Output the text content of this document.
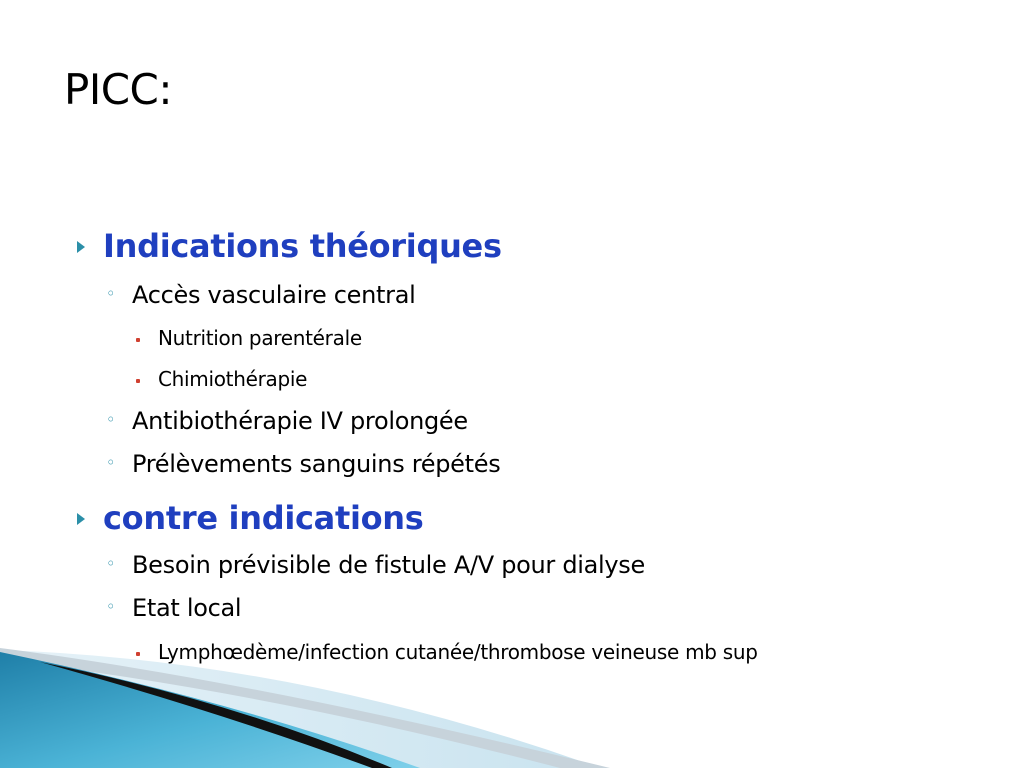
PICC:
Indications théoriques
◦ Accès vasculaire central
Nutrition parentérale
Chimiothérapie
◦ Antibiothérapie IV prolongée
◦ Prélèvements sanguins répétés
contre indications
◦ Besoin prévisible de fistule A/V pour dialyse
◦ Etat local
Lymphœdème/infection cutanée/thrombose veineuse mb sup
